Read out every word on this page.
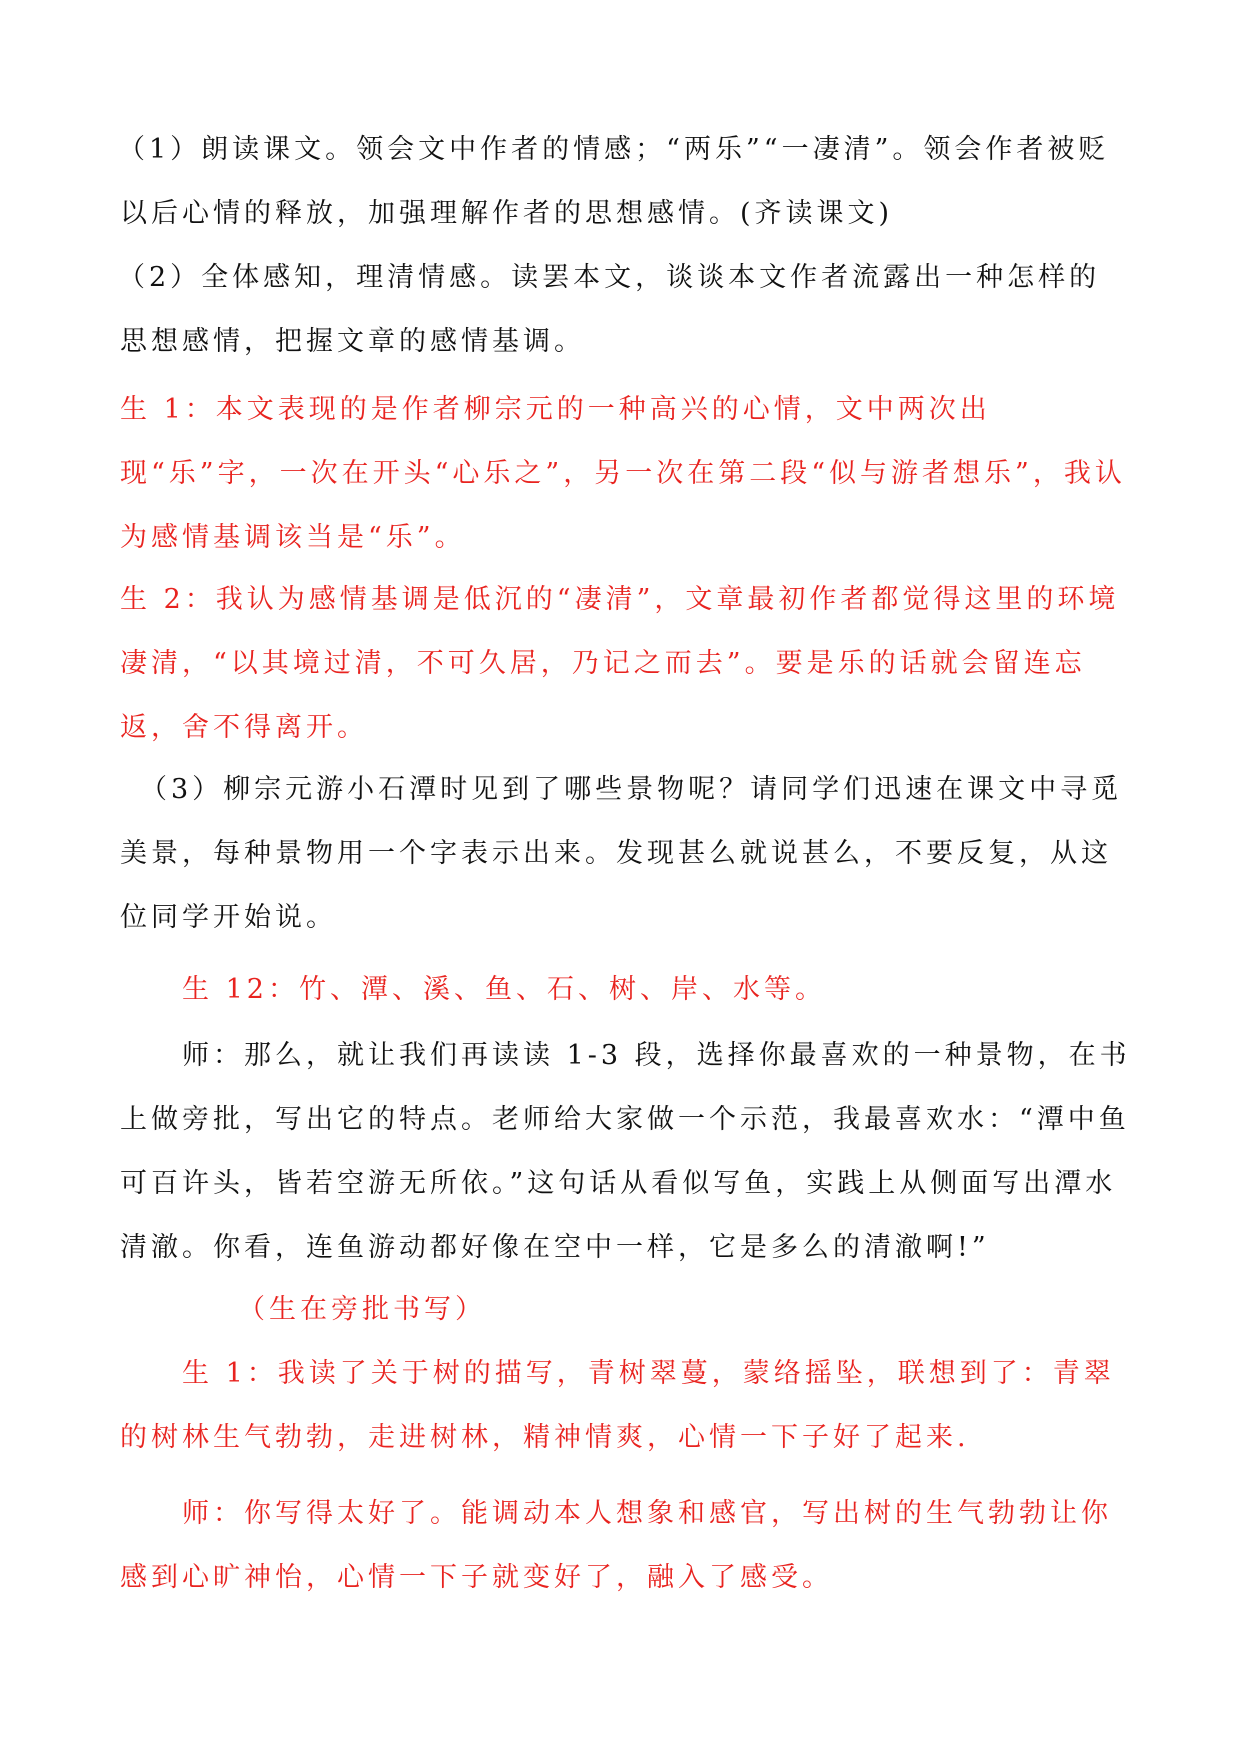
（1）朗读课文。领会文中作者的情感；“两乐”“一凄清”。领会作者被贬以后心情的释放，加强理解作者的思想感情。(齐读课文)

（2）全体感知，理清情感。读罢本文，谈谈本文作者流露出一种怎样的思想感情，把握文章的感情基调。

生 1：本文表现的是作者柳宗元的一种高兴的心情，文中两次出现“乐”字，一次在开头“心乐之”，另一次在第二段“似与游者想乐”，我认为感情基调该当是“乐”。

生 2：我认为感情基调是低沉的“凄清”，文章最初作者都觉得这里的环境凄清，“以其境过清，不可久居，乃记之而去”。要是乐的话就会留连忘返，舍不得离开。

（3）柳宗元游小石潭时见到了哪些景物呢？请同学们迅速在课文中寻觅美景，每种景物用一个字表示出来。发现甚么就说甚么，不要反复，从这位同学开始说。

生 12：竹、潭、溪、鱼、石、树、岸、水等。

师：那么，就让我们再读读 1-3 段，选择你最喜欢的一种景物，在书上做旁批，写出它的特点。老师给大家做一个示范，我最喜欢水：“潭中鱼可百许头，皆若空游无所依。”这句话从看似写鱼，实践上从侧面写出潭水清澈。你看，连鱼游动都好像在空中一样，它是多么的清澈啊!”

（生在旁批书写）

生 1：我读了关于树的描写，青树翠蔓，蒙络摇坠，联想到了：青翠的树林生气勃勃，走进树林，精神情爽，心情一下子好了起来.

师：你写得太好了。能调动本人想象和感官，写出树的生气勃勃让你感到心旷神怡，心情一下子就变好了，融入了感受。
